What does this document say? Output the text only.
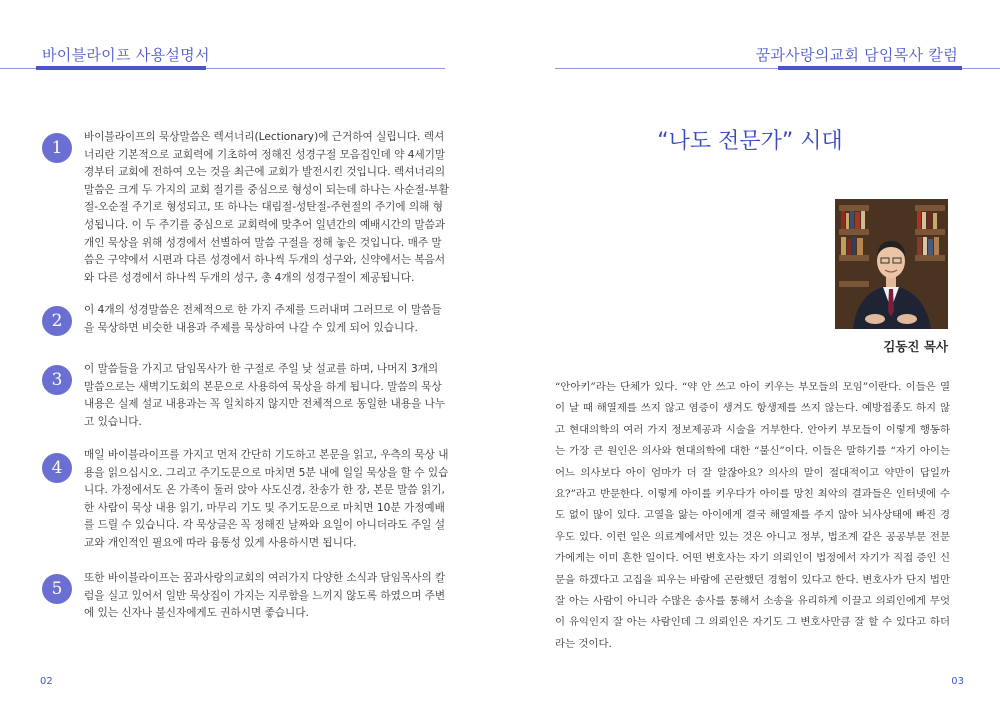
바이블라이프 사용설명서
1
바이블라이프의 묵상말씀은 렉셔너리(Lectionary)에 근거하여 실립니다. 렉셔너리란 기본적으로 교회력에 기초하여 정해진 성경구절 모음집인데 약 4세기말 경부터 교회에 전하여 오는 것을 최근에 교회가 발전시킨 것입니다. 렉셔너리의 말씀은 크게 두 가지의 교회 절기를 중심으로 형성이 되는데 하나는 사순절-부활절-오순절 주기로 형성되고, 또 하나는 대림절-성탄절-주현절의 주기에 의해 형성됩니다. 이 두 주기를 중심으로 교회력에 맞추어 일년간의 예배시간의 말씀과 개인 묵상을 위해 성경에서 선별하여 말씀 구절을 정해 놓은 것입니다. 매주 말씀은 구약에서 시편과 다른 성경에서 하나씩 두개의 성구와, 신약에서는 복음서와 다른 성경에서 하나씩 두개의 성구, 총 4개의 성경구절이 제공됩니다.
2
이 4개의 성경말씀은 전체적으로 한 가지 주제를 드러내며 그러므로 이 말씀들을 묵상하면 비슷한 내용과 주제를 묵상하여 나갈 수 있게 되어 있습니다.
3
이 말씀들을 가지고 담임목사가 한 구절로 주일 낮 설교를 하며, 나머지 3개의 말씀으로는 새벽기도회의 본문으로 사용하여 묵상을 하게 됩니다. 말씀의 묵상 내용은 실제 설교 내용과는 꼭 일치하지 않지만 전체적으로 동일한 내용을 나누고 있습니다.
4
매일 바이블라이프를 가지고 먼저 간단히 기도하고 본문을 읽고, 우측의 묵상 내용을 읽으십시오. 그리고 주기도문으로 마치면 5분 내에 일일 묵상을 할 수 있습니다. 가정에서도 온 가족이 둘러 앉아 사도신경, 찬송가 한 장, 본문 말씀 읽기, 한 사람이 묵상 내용 읽기, 마무리 기도 및 주기도문으로 마치면 10분 가정예배를 드릴 수 있습니다. 각 묵상글은 꼭 정해진 날짜와 요일이 아니더라도 주일 설교와 개인적인 필요에 따라 융통성 있게 사용하시면 됩니다.
5
또한 바이블라이프는 꿈과사랑의교회의 여러가지 다양한 소식과 담임목사의 칼럼을 실고 있어서 일반 묵상집이 가지는 지루함을 느끼지 않도록 하였으며 주변에 있는 신자나 불신자에게도 권하시면 좋습니다.
02
꿈과사랑의교회 담임목사 칼럼
“나도 전문가” 시대
김동진 목사
“안아키”라는 단체가 있다. “약 안 쓰고 아이 키우는 부모들의 모임”이란다. 이들은 열이 날 때 해열제를 쓰지 않고 염증이 생겨도 항생제를 쓰지 않는다. 예방접종도 하지 않고 현대의학의 여러 가지 정보제공과 시술을 거부한다. 안아키 부모들이 이렇게 행동하는 가장 큰 원인은 의사와 현대의학에 대한 “불신”이다. 이들은 말하기를 “자기 아이는 어느 의사보다 아이 엄마가 더 잘 알잖아요? 의사의 말이 절대적이고 약만이 답일까요?”라고 반문한다. 이렇게 아이를 키우다가 아이를 망친 최악의 결과들은 인터넷에 수도 없이 많이 있다. 고열을 앓는 아이에게 결국 해열제를 주지 않아 뇌사상태에 빠진 경우도 있다. 이런 일은 의료계에서만 있는 것은 아니고 정부, 법조계 같은 공공부문 전문가에게는 이미 흔한 일이다. 어떤 변호사는 자기 의뢰인이 법정에서 자기가 직접 증인 신문을 하겠다고 고집을 피우는 바람에 곤란했던 경험이 있다고 한다. 변호사가 단지 법만 잘 아는 사람이 아니라 수많은 송사를 통해서 소송을 유리하게 이끌고 의뢰인에게 무엇이 유익인지 잘 아는 사람인데 그 의뢰인은 자기도 그 변호사만큼 잘 할 수 있다고 하더라는 것이다.
03
